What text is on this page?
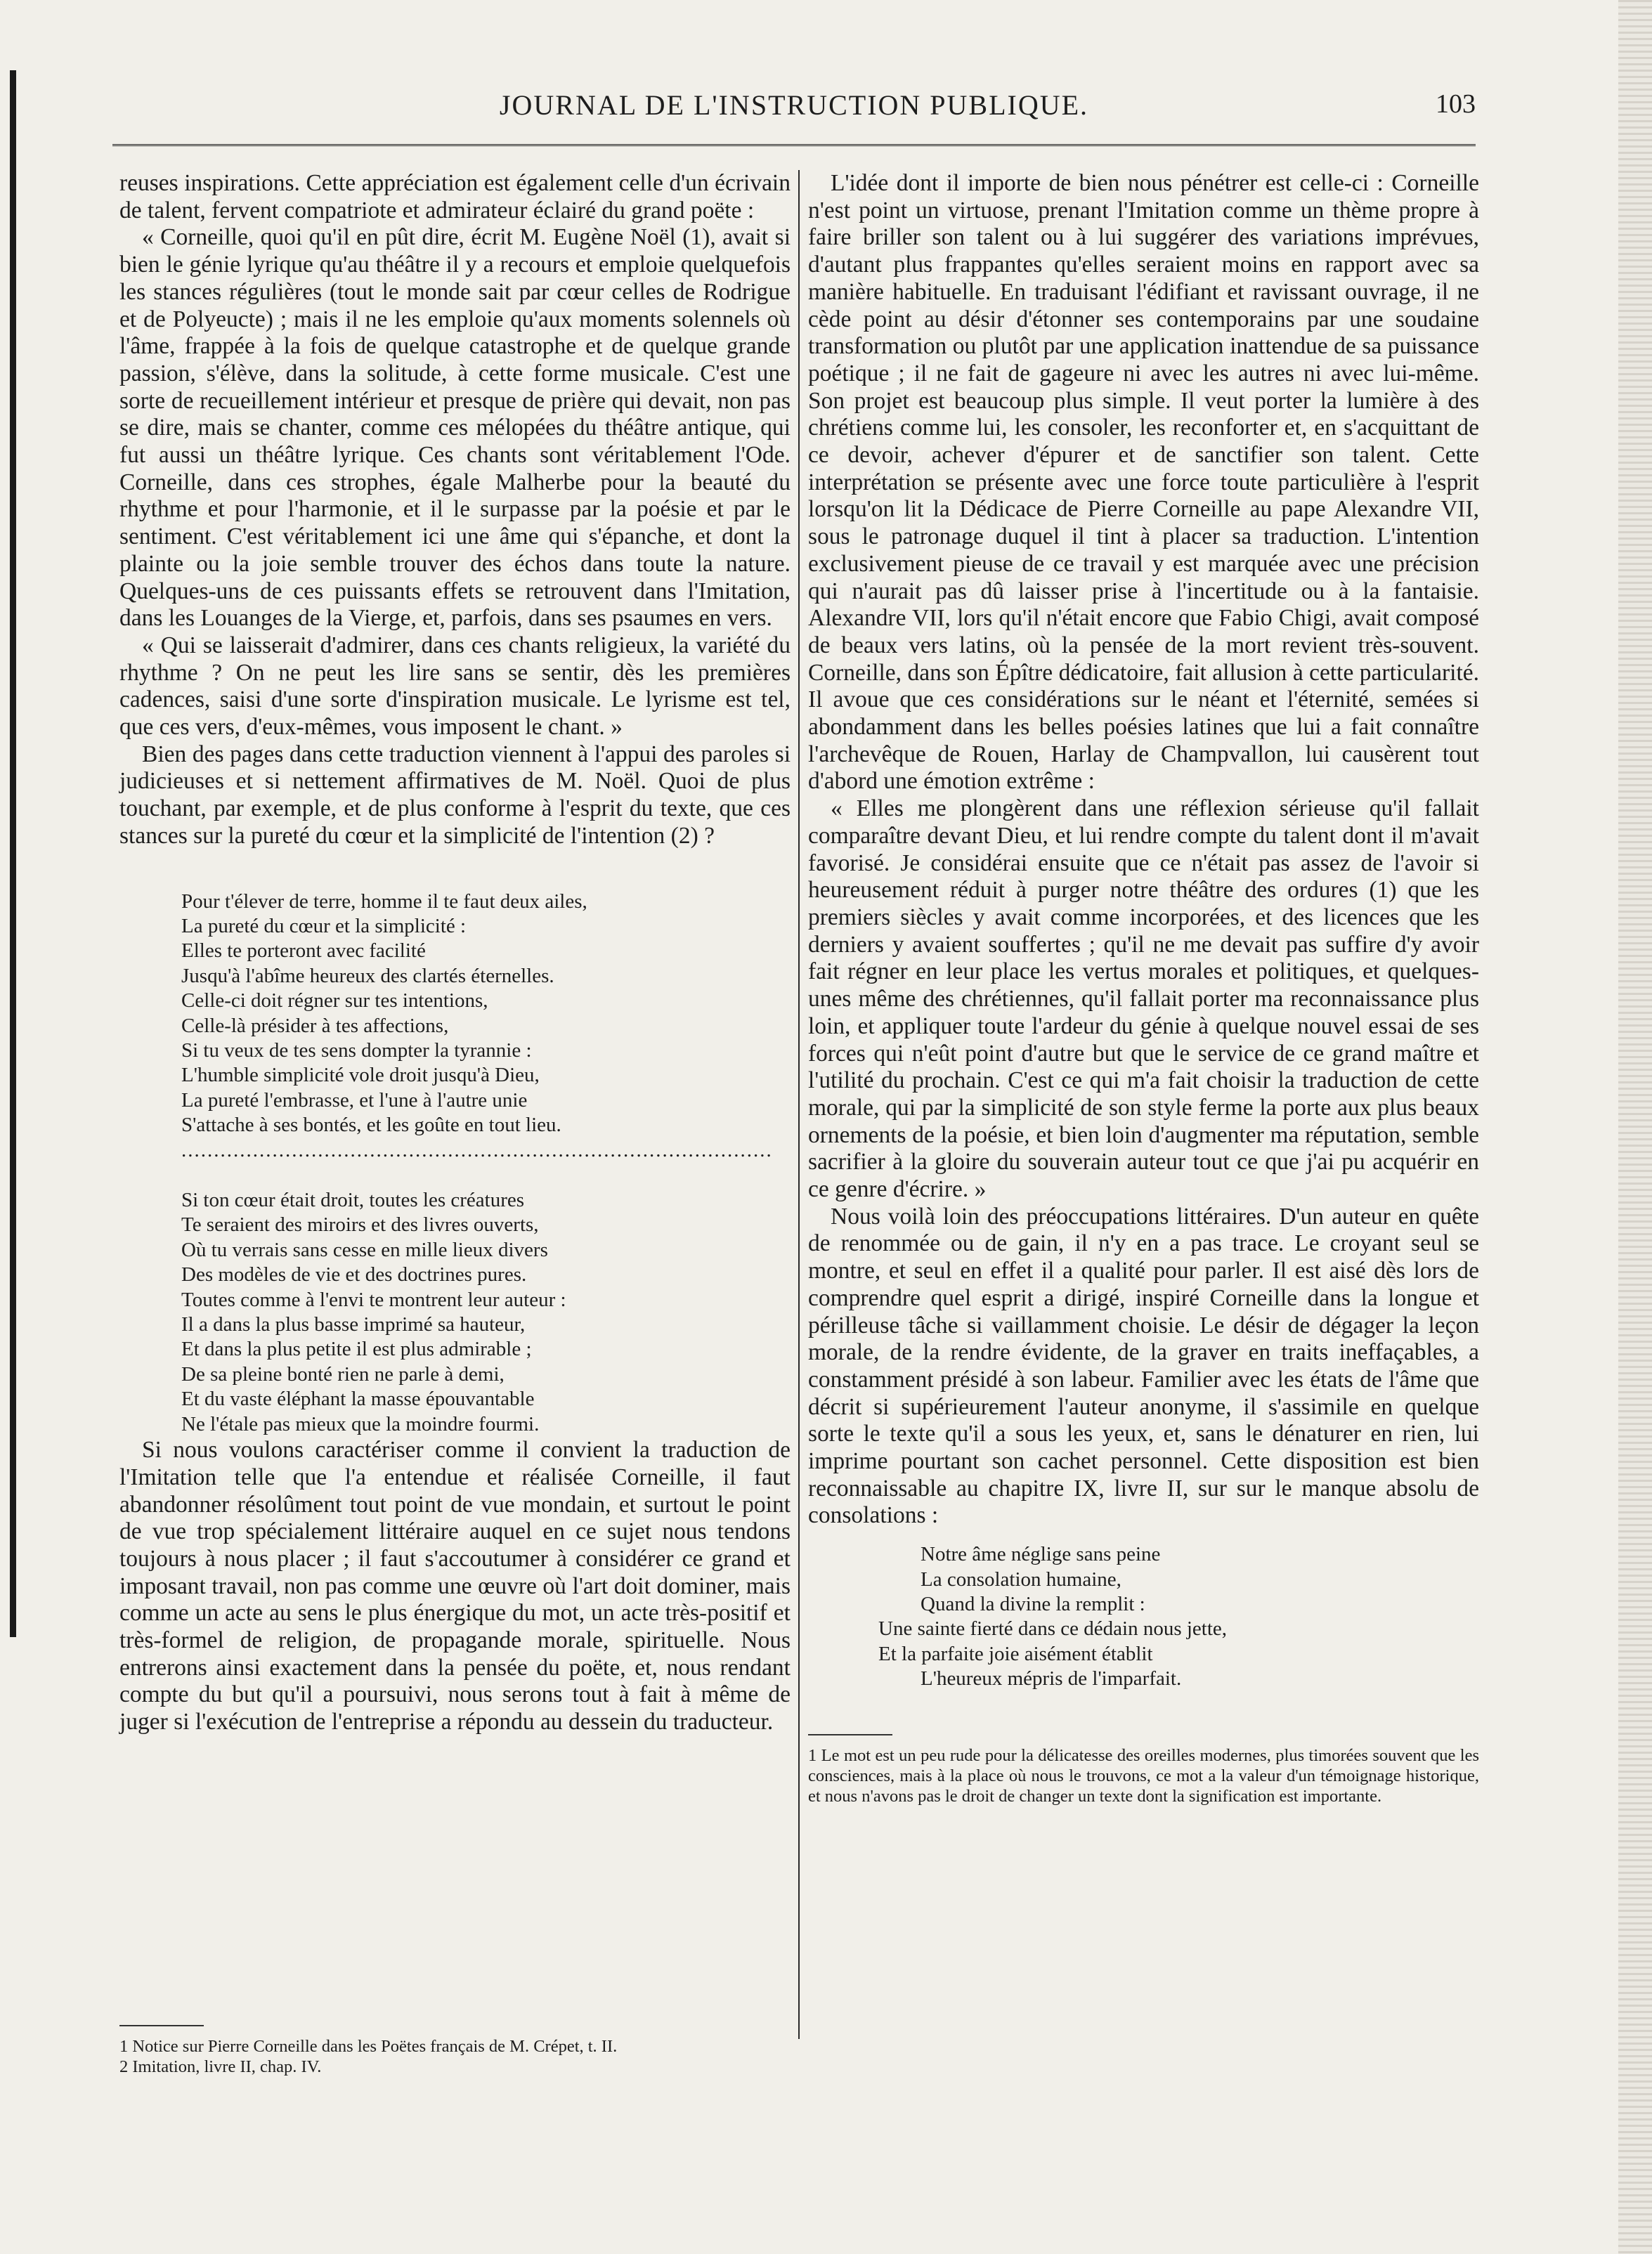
JOURNAL DE L'INSTRUCTION PUBLIQUE.	103

reuses inspirations. Cette appréciation est également celle d'un écrivain de talent, fervent compatriote et admirateur éclairé du grand poëte :

« Corneille, quoi qu'il en pût dire, écrit M. Eugène Noël (1), avait si bien le génie lyrique qu'au théâtre il y a recours et emploie quelquefois les stances régulières (tout le monde sait par cœur celles de Rodrigue et de Polyeucte) ; mais il ne les emploie qu'aux moments solennels où l'âme, frappée à la fois de quelque catastrophe et de quelque grande passion, s'élève, dans la solitude, à cette forme musicale. C'est une sorte de recueillement intérieur et presque de prière qui devait, non pas se dire, mais se chanter, comme ces mélopées du théâtre antique, qui fut aussi un théâtre lyrique. Ces chants sont véritablement l'Ode. Corneille, dans ces strophes, égale Malherbe pour la beauté du rhythme et pour l'harmonie, et il le surpasse par la poésie et par le sentiment. C'est véritablement ici une âme qui s'épanche, et dont la plainte ou la joie semble trouver des échos dans toute la nature. Quelques-uns de ces puissants effets se retrouvent dans l'Imitation, dans les Louanges de la Vierge, et, parfois, dans ses psaumes en vers.

« Qui se laisserait d'admirer, dans ces chants religieux, la variété du rhythme ? On ne peut les lire sans se sentir, dès les premières cadences, saisi d'une sorte d'inspiration musicale. Le lyrisme est tel, que ces vers, d'eux-mêmes, vous imposent le chant. »

Bien des pages dans cette traduction viennent à l'appui des paroles si judicieuses et si nettement affirmatives de M. Noël. Quoi de plus touchant, par exemple, et de plus conforme à l'esprit du texte, que ces stances sur la pureté du cœur et la simplicité de l'intention (2) ?

Pour t'élever de terre, homme il te faut deux ailes,
La pureté du cœur et la simplicité :
Elles te porteront avec facilité
Jusqu'à l'abîme heureux des clartés éternelles.
Celle-ci doit régner sur tes intentions,
Celle-là présider à tes affections,
Si tu veux de tes sens dompter la tyrannie :
L'humble simplicité vole droit jusqu'à Dieu,
La pureté l'embrasse, et l'une à l'autre unie
S'attache à ses bontés, et les goûte en tout lieu.
...........................................................................................
Si ton cœur était droit, toutes les créatures
Te seraient des miroirs et des livres ouverts,
Où tu verrais sans cesse en mille lieux divers
Des modèles de vie et des doctrines pures.
Toutes comme à l'envi te montrent leur auteur :
Il a dans la plus basse imprimé sa hauteur,
Et dans la plus petite il est plus admirable ;
De sa pleine bonté rien ne parle à demi,
Et du vaste éléphant la masse épouvantable
Ne l'étale pas mieux que la moindre fourmi.

Si nous voulons caractériser comme il convient la traduction de l'Imitation telle que l'a entendue et réalisée Corneille, il faut abandonner résolûment tout point de vue mondain, et surtout le point de vue trop spécialement littéraire auquel en ce sujet nous tendons toujours à nous placer ; il faut s'accoutumer à considérer ce grand et imposant travail, non pas comme une œuvre où l'art doit dominer, mais comme un acte au sens le plus énergique du mot, un acte très-positif et très-formel de religion, de propagande morale, spirituelle. Nous entrerons ainsi exactement dans la pensée du poëte, et, nous rendant compte du but qu'il a poursuivi, nous serons tout à fait à même de juger si l'exécution de l'entreprise a répondu au dessein du traducteur.

1 Notice sur Pierre Corneille dans les Poëtes français de M. Crépet, t. II.

2 Imitation, livre II, chap. IV.

L'idée dont il importe de bien nous pénétrer est celle-ci : Corneille n'est point un virtuose, prenant l'Imitation comme un thème propre à faire briller son talent ou à lui suggérer des variations imprévues, d'autant plus frappantes qu'elles seraient moins en rapport avec sa manière habituelle. En traduisant l'édifiant et ravissant ouvrage, il ne cède point au désir d'étonner ses contemporains par une soudaine transformation ou plutôt par une application inattendue de sa puissance poétique ; il ne fait de gageure ni avec les autres ni avec lui-même. Son projet est beaucoup plus simple. Il veut porter la lumière à des chrétiens comme lui, les consoler, les reconforter et, en s'acquittant de ce devoir, achever d'épurer et de sanctifier son talent. Cette interprétation se présente avec une force toute particulière à l'esprit lorsqu'on lit la Dédicace de Pierre Corneille au pape Alexandre VII, sous le patronage duquel il tint à placer sa traduction. L'intention exclusivement pieuse de ce travail y est marquée avec une précision qui n'aurait pas dû laisser prise à l'incertitude ou à la fantaisie. Alexandre VII, lors qu'il n'était encore que Fabio Chigi, avait composé de beaux vers latins, où la pensée de la mort revient très-souvent. Corneille, dans son Épître dédicatoire, fait allusion à cette particularité. Il avoue que ces considérations sur le néant et l'éternité, semées si abondamment dans les belles poésies latines que lui a fait connaître l'archevêque de Rouen, Harlay de Champvallon, lui causèrent tout d'abord une émotion extrême :

« Elles me plongèrent dans une réflexion sérieuse qu'il fallait comparaître devant Dieu, et lui rendre compte du talent dont il m'avait favorisé. Je considérai ensuite que ce n'était pas assez de l'avoir si heureusement réduit à purger notre théâtre des ordures (1) que les premiers siècles y avait comme incorporées, et des licences que les derniers y avaient souffertes ; qu'il ne me devait pas suffire d'y avoir fait régner en leur place les vertus morales et politiques, et quelques-unes même des chrétiennes, qu'il fallait porter ma reconnaissance plus loin, et appliquer toute l'ardeur du génie à quelque nouvel essai de ses forces qui n'eût point d'autre but que le service de ce grand maître et l'utilité du prochain. C'est ce qui m'a fait choisir la traduction de cette morale, qui par la simplicité de son style ferme la porte aux plus beaux ornements de la poésie, et bien loin d'augmenter ma réputation, semble sacrifier à la gloire du souverain auteur tout ce que j'ai pu acquérir en ce genre d'écrire. »

Nous voilà loin des préoccupations littéraires. D'un auteur en quête de renommée ou de gain, il n'y en a pas trace. Le croyant seul se montre, et seul en effet il a qualité pour parler. Il est aisé dès lors de comprendre quel esprit a dirigé, inspiré Corneille dans la longue et périlleuse tâche si vaillamment choisie. Le désir de dégager la leçon morale, de la rendre évidente, de la graver en traits ineffaçables, a constamment présidé à son labeur. Familier avec les états de l'âme que décrit si supérieurement l'auteur anonyme, il s'assimile en quelque sorte le texte qu'il a sous les yeux, et, sans le dénaturer en rien, lui imprime pourtant son cachet personnel. Cette disposition est bien reconnaissable au chapitre IX, livre II, sur sur le manque absolu de consolations :

Notre âme néglige sans peine
La consolation humaine,
Quand la divine la remplit :
Une sainte fierté dans ce dédain nous jette,
Et la parfaite joie aisément établit
L'heureux mépris de l'imparfait.

1 Le mot est un peu rude pour la délicatesse des oreilles modernes, plus timorées souvent que les consciences, mais à la place où nous le trouvons, ce mot a la valeur d'un témoignage historique, et nous n'avons pas le droit de changer un texte dont la signification est importante.
